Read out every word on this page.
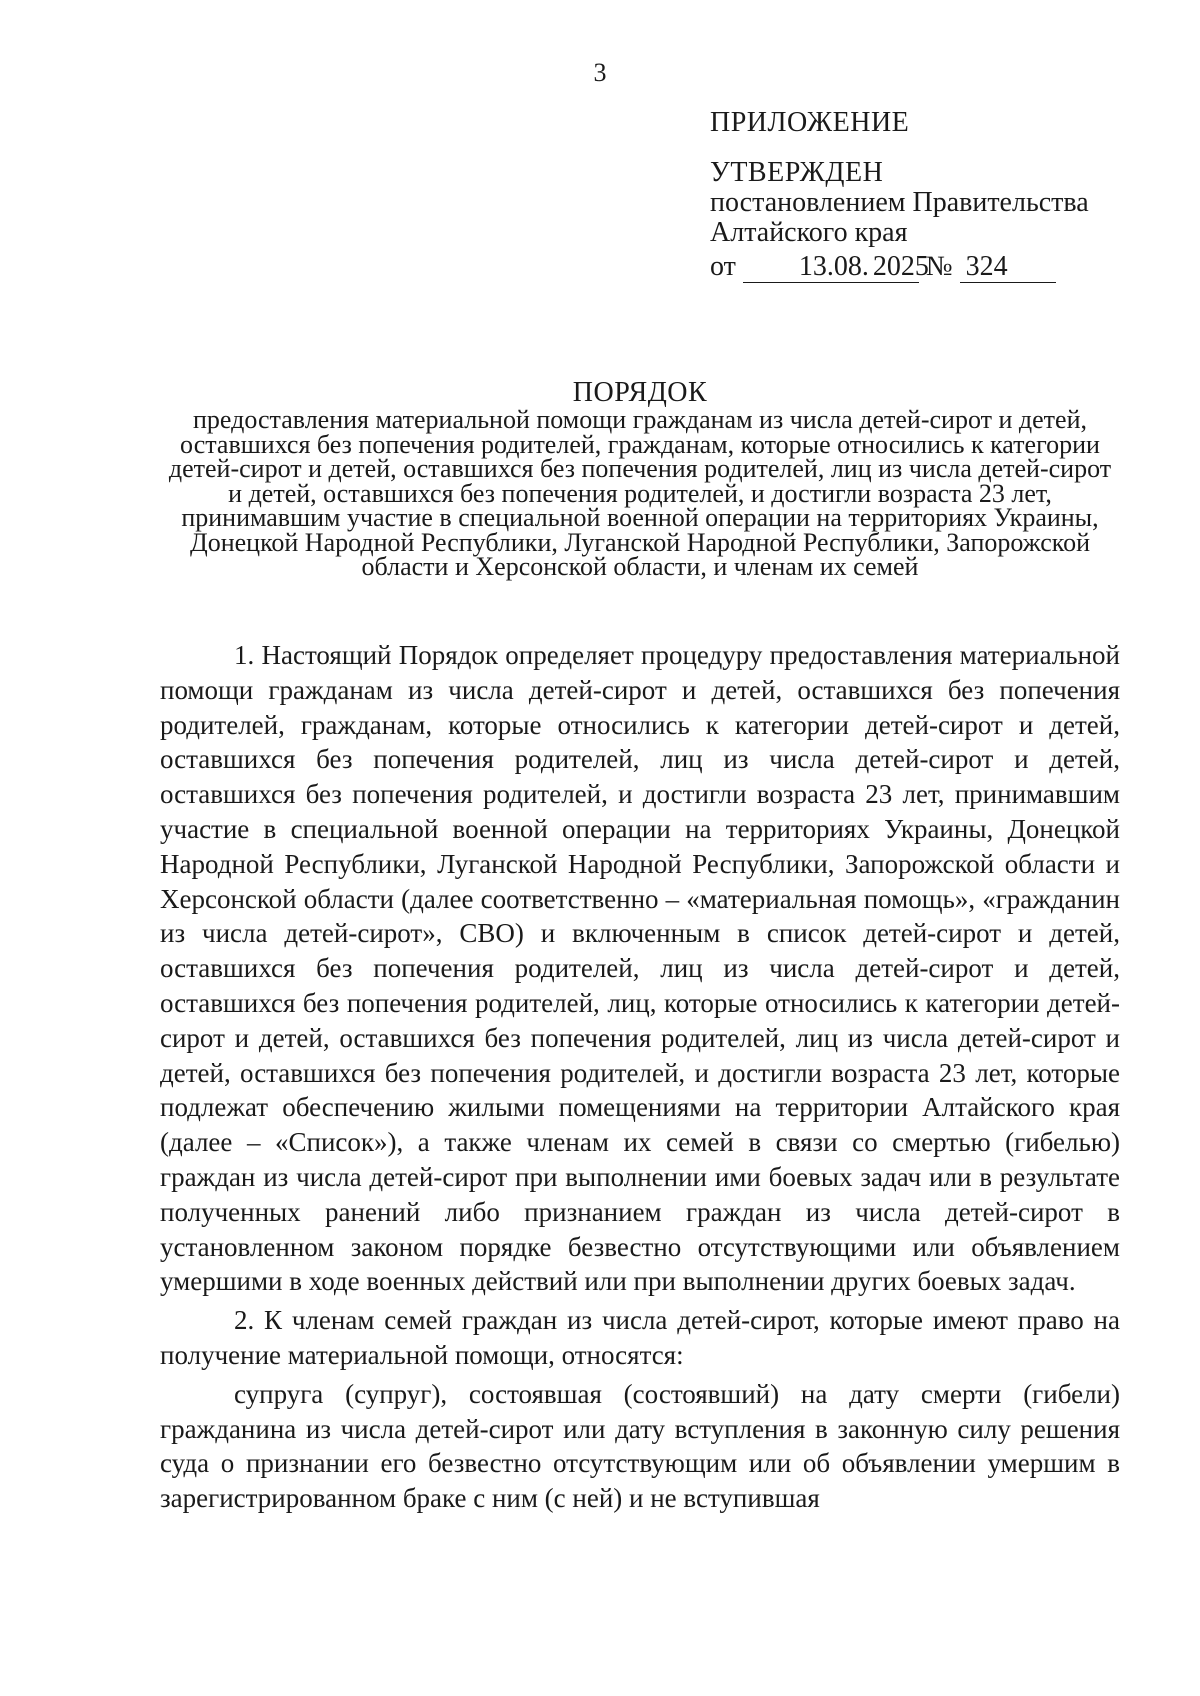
3

ПРИЛОЖЕНИЕ

УТВЕРЖДЕН

постановлением Правительства

Алтайского края

от 13.08. 2025 № 324

ПОРЯДОК

предоставления материальной помощи гражданам из числа детей-сирот и детей, оставшихся без попечения родителей, гражданам, которые относились к категории детей-сирот и детей, оставшихся без попечения родителей, лиц из числа детей-сирот и детей, оставшихся без попечения родителей, и достигли возраста 23 лет, принимавшим участие в специальной военной операции на территориях Украины, Донецкой Народной Республики, Луганской Народной Республики, Запорожской области и Херсонской области, и членам их семей

1. Настоящий Порядок определяет процедуру предоставления материальной помощи гражданам из числа детей-сирот и детей, оставшихся без попечения родителей, гражданам, которые относились к категории детей-сирот и детей, оставшихся без попечения родителей, лиц из числа детей-сирот и детей, оставшихся без попечения родителей, и достигли возраста 23 лет, принимавшим участие в специальной военной операции на территориях Украины, Донецкой Народной Республики, Луганской Народной Республики, Запорожской области и Херсонской области (далее соответственно – «материальная помощь», «гражданин из числа детей-сирот», СВО) и включенным в список детей-сирот и детей, оставшихся без попечения родителей, лиц из числа детей-сирот и детей, оставшихся без попечения родителей, лиц, которые относились к категории детей-сирот и детей, оставшихся без попечения родителей, лиц из числа детей-сирот и детей, оставшихся без попечения родителей, и достигли возраста 23 лет, которые подлежат обеспечению жилыми помещениями на территории Алтайского края (далее – «Список»), а также членам их семей в связи со смертью (гибелью) граждан из числа детей-сирот при выполнении ими боевых задач или в результате полученных ранений либо признанием граждан из числа детей-сирот в установленном законом порядке безвестно отсутствующими или объявлением умершими в ходе военных действий или при выполнении других боевых задач.

2. К членам семей граждан из числа детей-сирот, которые имеют право на получение материальной помощи, относятся:

супруга (супруг), состоявшая (состоявший) на дату смерти (гибели) гражданина из числа детей-сирот или дату вступления в законную силу решения суда о признании его безвестно отсутствующим или об объявлении умершим в зарегистрированном браке с ним (с ней) и не вступившая
